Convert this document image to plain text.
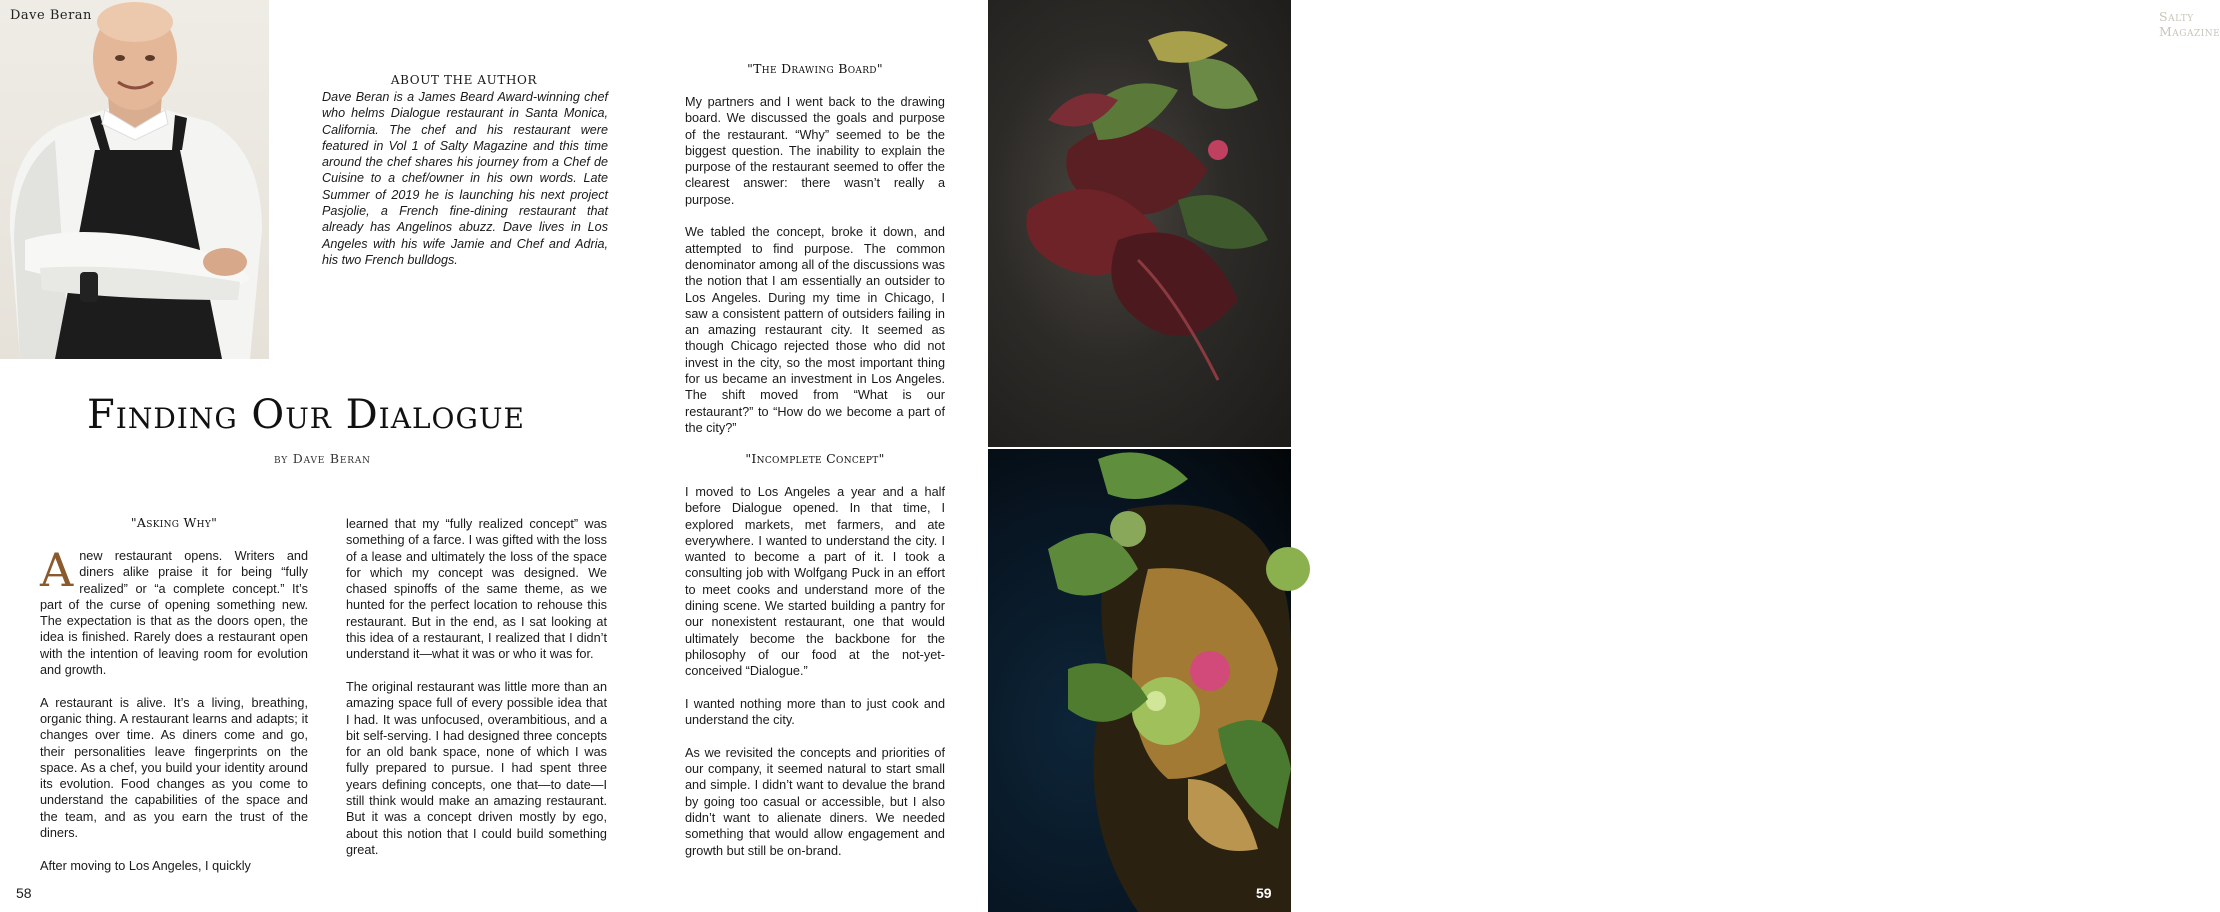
Dave Beran
ABOUT THE AUTHOR
Dave Beran is a James Beard Award-winning chef who helms Dialogue restaurant in Santa Monica, California. The chef and his restaurant were featured in Vol 1 of Salty Magazine and this time around the chef shares his journey from a Chef de Cuisine to a chef/owner in his own words. Late Summer of 2019 he is launching his next project Pasjolie, a French fine-dining restaurant that already has Angelinos abuzz. Dave lives in Los Angeles with his wife Jamie and Chef and Adria, his two French bulldogs.
Finding Our Dialogue
by Dave Beran
"Asking Why"

Anew restaurant opens. Writers and diners alike praise it for being “fully realized” or “a complete concept.” It’s part of the curse of opening something new. The expectation is that as the doors open, the idea is finished. Rarely does a restaurant open with the intention of leaving room for evolution and growth.

A restaurant is alive. It’s a living, breathing, organic thing. A restaurant learns and adapts; it changes over time. As diners come and go, their personalities leave fingerprints on the space. As a chef, you build your identity around its evolution. Food changes as you come to understand the capabilities of the space and the team, and as you earn the trust of the diners.

After moving to Los Angeles, I quickly

learned that my “fully realized concept” was something of a farce. I was gifted with the loss of a lease and ultimately the loss of the space for which my concept was designed. We chased spinoffs of the same theme, as we hunted for the perfect location to rehouse this restaurant. But in the end, as I sat looking at this idea of a restaurant, I realized that I didn’t understand it—what it was or who it was for.

The original restaurant was little more than an amazing space full of every possible idea that I had. It was unfocused, overambitious, and a bit self-serving. I had designed three concepts for an old bank space, none of which I was fully prepared to pursue. I had spent three years defining concepts, one that—to date—I still think would make an amazing restaurant. But it was a concept driven mostly by ego, about this notion that I could build something great.

"The Drawing Board"

My partners and I went back to the drawing board. We discussed the goals and purpose of the restaurant. “Why” seemed to be the biggest question. The inability to explain the purpose of the restaurant seemed to offer the clearest answer: there wasn’t really a purpose.

We tabled the concept, broke it down, and attempted to find purpose. The common denominator among all of the discussions was the notion that I am essentially an outsider to Los Angeles. During my time in Chicago, I saw a consistent pattern of outsiders failing in an amazing restaurant city. It seemed as though Chicago rejected those who did not invest in the city, so the most important thing for us became an investment in Los Angeles. The shift moved from “What is our restaurant?” to “How do we become a part of the city?”

"Incomplete Concept"

I moved to Los Angeles a year and a half before Dialogue opened. In that time, I explored markets, met farmers, and ate everywhere. I wanted to understand the city. I wanted to become a part of it. I took a consulting job with Wolfgang Puck in an effort to meet cooks and understand more of the dining scene. We started building a pantry for our nonexistent restaurant, one that would ultimately become the backbone for the philosophy of our food at the not-yet-conceived “Dialogue.”

I wanted nothing more than to just cook and understand the city.

As we revisited the concepts and priorities of our company, it seemed natural to start small and simple. I didn’t want to devalue the brand by going too casual or accessible, but I also didn’t want to alienate diners. We needed something that would allow engagement and growth but still be on-brand.

Salty Magazine
58	59
